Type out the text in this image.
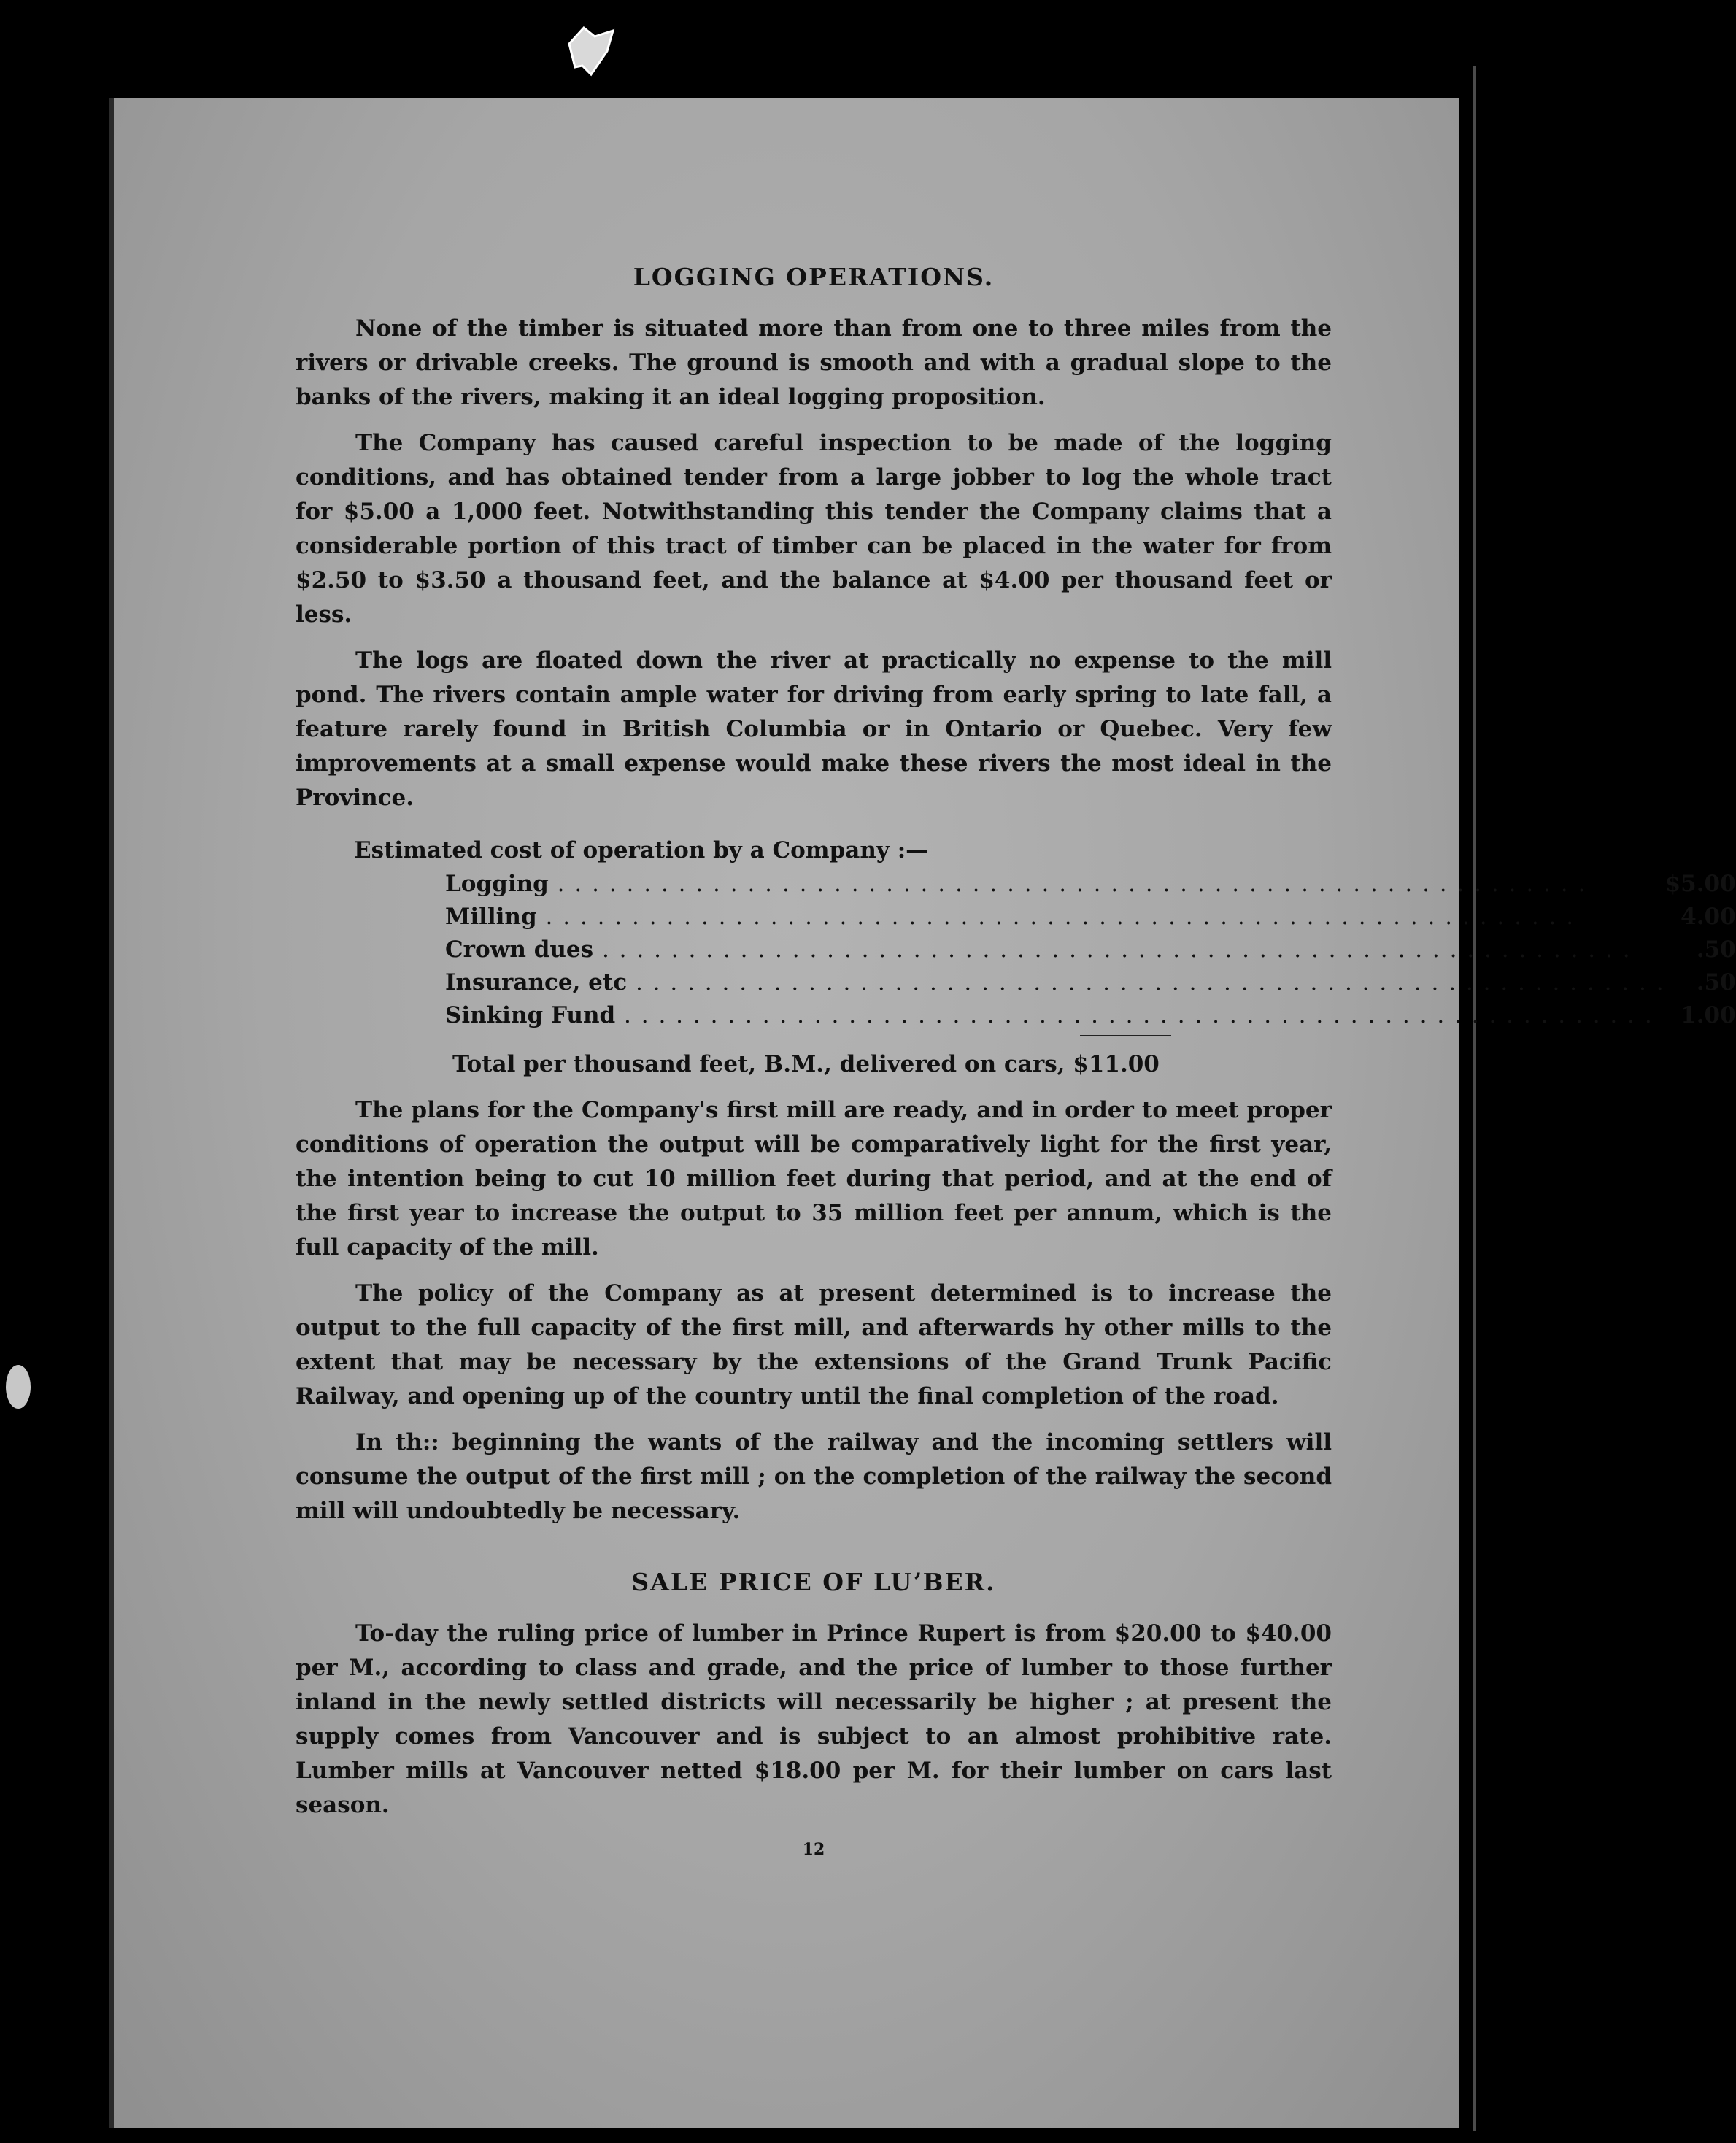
LOGGING OPERATIONS.

None of the timber is situated more than from one to three miles from the rivers or drivable creeks. The ground is smooth and with a gradual slope to the banks of the rivers, making it an ideal logging proposition.

The Company has caused careful inspection to be made of the logging conditions, and has obtained tender from a large jobber to log the whole tract for $5.00 a 1,000 feet. Notwithstanding this tender the Company claims that a considerable portion of this tract of timber can be placed in the water for from $2.50 to $3.50 a thousand feet, and the balance at $4.00 per thousand feet or less.

The logs are floated down the river at practically no expense to the mill pond. The rivers contain ample water for driving from early spring to late fall, a feature rarely found in British Columbia or in Ontario or Quebec. Very few improvements at a small expense would make these rivers the most ideal in the Province.

Estimated cost of operation by a Company :—
Logging . . .	$5.00
Milling . . .	4.00
Crown dues . . .	.50
Insurance, etc . . .	.50
Sinking Fund . . .	1.00
Total per thousand feet, B.M., delivered on cars, $11.00

The plans for the Company's first mill are ready, and in order to meet proper conditions of operation the output will be comparatively light for the first year, the intention being to cut 10 million feet during that period, and at the end of the first year to increase the output to 35 million feet per annum, which is the full capacity of the mill.

The policy of the Company as at present determined is to increase the output to the full capacity of the first mill, and afterwards hy other mills to the extent that may be necessary by the extensions of the Grand Trunk Pacific Railway, and opening up of the country until the final completion of the road.

In th:: beginning the wants of the railway and the incoming settlers will consume the output of the first mill ; on the completion of the railway the second mill will undoubtedly be necessary.

SALE PRICE OF LUʼBER.

To-day the ruling price of lumber in Prince Rupert is from $20.00 to $40.00 per M., according to class and grade, and the price of lumber to those further inland in the newly settled districts will necessarily be higher ; at present the supply comes from Vancouver and is subject to an almost prohibitive rate. Lumber mills at Vancouver netted $18.00 per M. for their lumber on cars last season.

12
